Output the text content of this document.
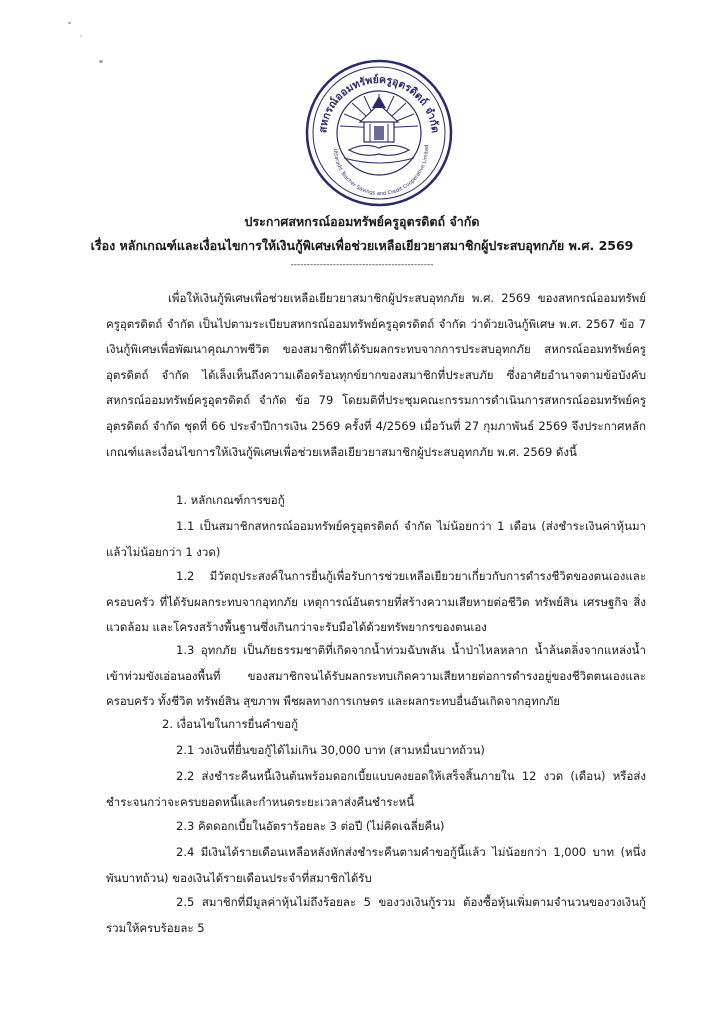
สหกรณ์ออมทรัพย์ครูอุตรดิตถ์ จำกัด
Uttaradit Teacher Savings and Credit Cooperative Limited
ประกาศสหกรณ์ออมทรัพย์ครูอุตรดิตถ์ จำกัด
เรื่อง หลักเกณฑ์และเงื่อนไขการให้เงินกู้พิเศษเพื่อช่วยเหลือเยียวยาสมาชิกผู้ประสบอุทกภัย พ.ศ. 2569
--------------------------------------------
เพื่อให้เงินกู้พิเศษเพื่อช่วยเหลือเยียวยาสมาชิกผู้ประสบอุทกภัย พ.ศ. 2569 ของสหกรณ์ออมทรัพย์ครูอุตรดิตถ์ จำกัด เป็นไปตามระเบียบสหกรณ์ออมทรัพย์ครูอุตรดิตถ์ จำกัด ว่าด้วยเงินกู้พิเศษ พ.ศ. 2567 ข้อ 7 เงินกู้พิเศษเพื่อพัฒนาคุณภาพชีวิต ของสมาชิกที่ได้รับผลกระทบจากการประสบอุทกภัย สหกรณ์ออมทรัพย์ครูอุตรดิตถ์ จำกัด ได้เล็งเห็นถึงความเดือดร้อนทุกข์ยากของสมาชิกที่ประสบภัย ซึ่งอาศัยอำนาจตามข้อบังคับสหกรณ์ออมทรัพย์ครูอุตรดิตถ์ จำกัด ข้อ 79 โดยมติที่ประชุมคณะกรรมการดำเนินการสหกรณ์ออมทรัพย์ครูอุตรดิตถ์ จำกัด ชุดที่ 66 ประจำปีการเงิน 2569 ครั้งที่ 4/2569 เมื่อวันที่ 27 กุมภาพันธ์ 2569 จึงประกาศหลักเกณฑ์และเงื่อนไขการให้เงินกู้พิเศษเพื่อช่วยเหลือเยียวยาสมาชิกผู้ประสบอุทกภัย พ.ศ. 2569 ดังนี้
1. หลักเกณฑ์การขอกู้
1.1 เป็นสมาชิกสหกรณ์ออมทรัพย์ครูอุตรดิตถ์ จำกัด ไม่น้อยกว่า 1 เดือน (ส่งชำระเงินค่าหุ้นมาแล้วไม่น้อยกว่า 1 งวด)
1.2 มีวัตถุประสงค์ในการยื่นกู้เพื่อรับการช่วยเหลือเยียวยาเกี่ยวกับการดำรงชีวิตของตนเองและครอบครัว ที่ได้รับผลกระทบจากอุทกภัย เหตุการณ์อันตรายที่สร้างความเสียหายต่อชีวิต ทรัพย์สิน เศรษฐกิจ สิ่งแวดล้อม และโครงสร้างพื้นฐานซึ่งเกินกว่าจะรับมือได้ด้วยทรัพยากรของตนเอง
1.3 อุทกภัย เป็นภัยธรรมชาติที่เกิดจากน้ำท่วมฉับพลัน น้ำป่าไหลหลาก น้ำล้นตลิ่งจากแหล่งน้ำ เข้าท่วมขังเอ่อนองพื้นที่ ของสมาชิกจนได้รับผลกระทบเกิดความเสียหายต่อการดำรงอยู่ของชีวิตตนเองและครอบครัว ทั้งชีวิต ทรัพย์สิน สุขภาพ พืชผลทางการเกษตร และผลกระทบอื่นอันเกิดจากอุทกภัย
2. เงื่อนไขในการยื่นคำขอกู้
2.1 วงเงินที่ยื่นขอกู้ได้ไม่เกิน 30,000 บาท (สามหมื่นบาทถ้วน)
2.2 ส่งชำระคืนหนี้เงินต้นพร้อมดอกเบี้ยแบบคงยอดให้เสร็จสิ้นภายใน 12 งวด (เดือน) หรือส่งชำระจนกว่าจะครบยอดหนี้และกำหนดระยะเวลาส่งคืนชำระหนี้
2.3 คิดดอกเบี้ยในอัตราร้อยละ 3 ต่อปี (ไม่คิดเฉลี่ยคืน)
2.4 มีเงินได้รายเดือนเหลือหลังหักส่งชำระคืนตามคำขอกู้นี้แล้ว ไม่น้อยกว่า 1,000 บาท (หนึ่งพันบาทถ้วน) ของเงินได้รายเดือนประจำที่สมาชิกได้รับ
2.5 สมาชิกที่มีมูลค่าหุ้นไม่ถึงร้อยละ 5 ของวงเงินกู้รวม ต้องซื้อหุ้นเพิ่มตามจำนวนของวงเงินกู้รวมให้ครบร้อยละ 5
